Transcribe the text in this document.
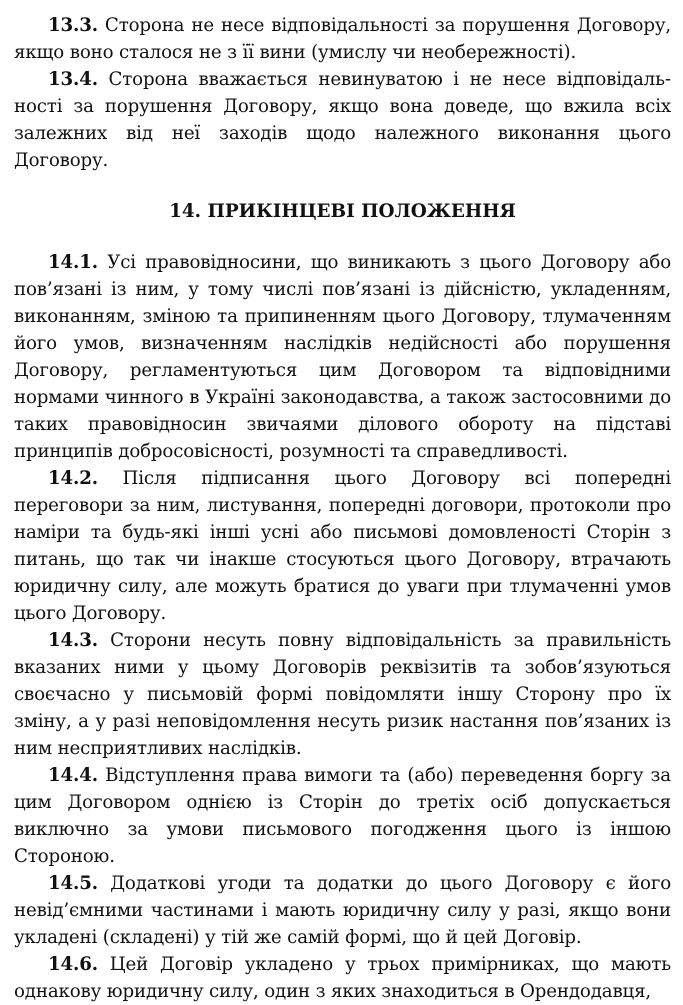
13.3. Сторона не несе відповідальності за порушення Договору, якщо воно сталося не з її вини (умислу чи необережності).

13.4. Сторона вважається невинуватою і не несе відповідальності за порушення Договору, якщо вона доведе, що вжила всіх залежних від неї заходів щодо належного виконання цього Договору.

14. ПРИКІНЦЕВІ ПОЛОЖЕННЯ

14.1. Усі правовідносини, що виникають з цього Договору або пов’язані із ним, у тому числі пов’язані із дійсністю, укладенням, виконанням, зміною та припиненням цього Договору, тлумаченням його умов, визначенням наслідків недійсності або порушення Договору, регламентуються цим Договором та відповідними нормами чинного в Україні законодавства, а також застосовними до таких правовідносин звичаями ділового обороту на підставі принципів добросовісності, розумності та справедливості.

14.2. Після підписання цього Договору всі попередні переговори за ним, листування, попередні договори, протоколи про наміри та будь-які інші усні або письмові домовленості Сторін з питань, що так чи інакше стосуються цього Договору, втрачають юридичну силу, але можуть братися до уваги при тлумаченні умов цього Договору.

14.3. Сторони несуть повну відповідальність за правильність вказаних ними у цьому Договорів реквізитів та зобов’язуються своєчасно у письмовій формі повідомляти іншу Сторону про їх зміну, а у разі неповідомлення несуть ризик настання пов’язаних із ним несприятливих наслідків.

14.4. Відступлення права вимоги та (або) переведення боргу за цим Договором однією із Сторін до третіх осіб допускається виключно за умови письмового погодження цього із іншою Стороною.

14.5. Додаткові угоди та додатки до цього Договору є його невід’ємними частинами і мають юридичну силу у разі, якщо вони укладені (складені) у тій же самій формі, що й цей Договір.

14.6. Цей Договір укладено у трьох примірниках, що мають однакову юридичну силу, один з яких знаходиться в Орендодавця,
